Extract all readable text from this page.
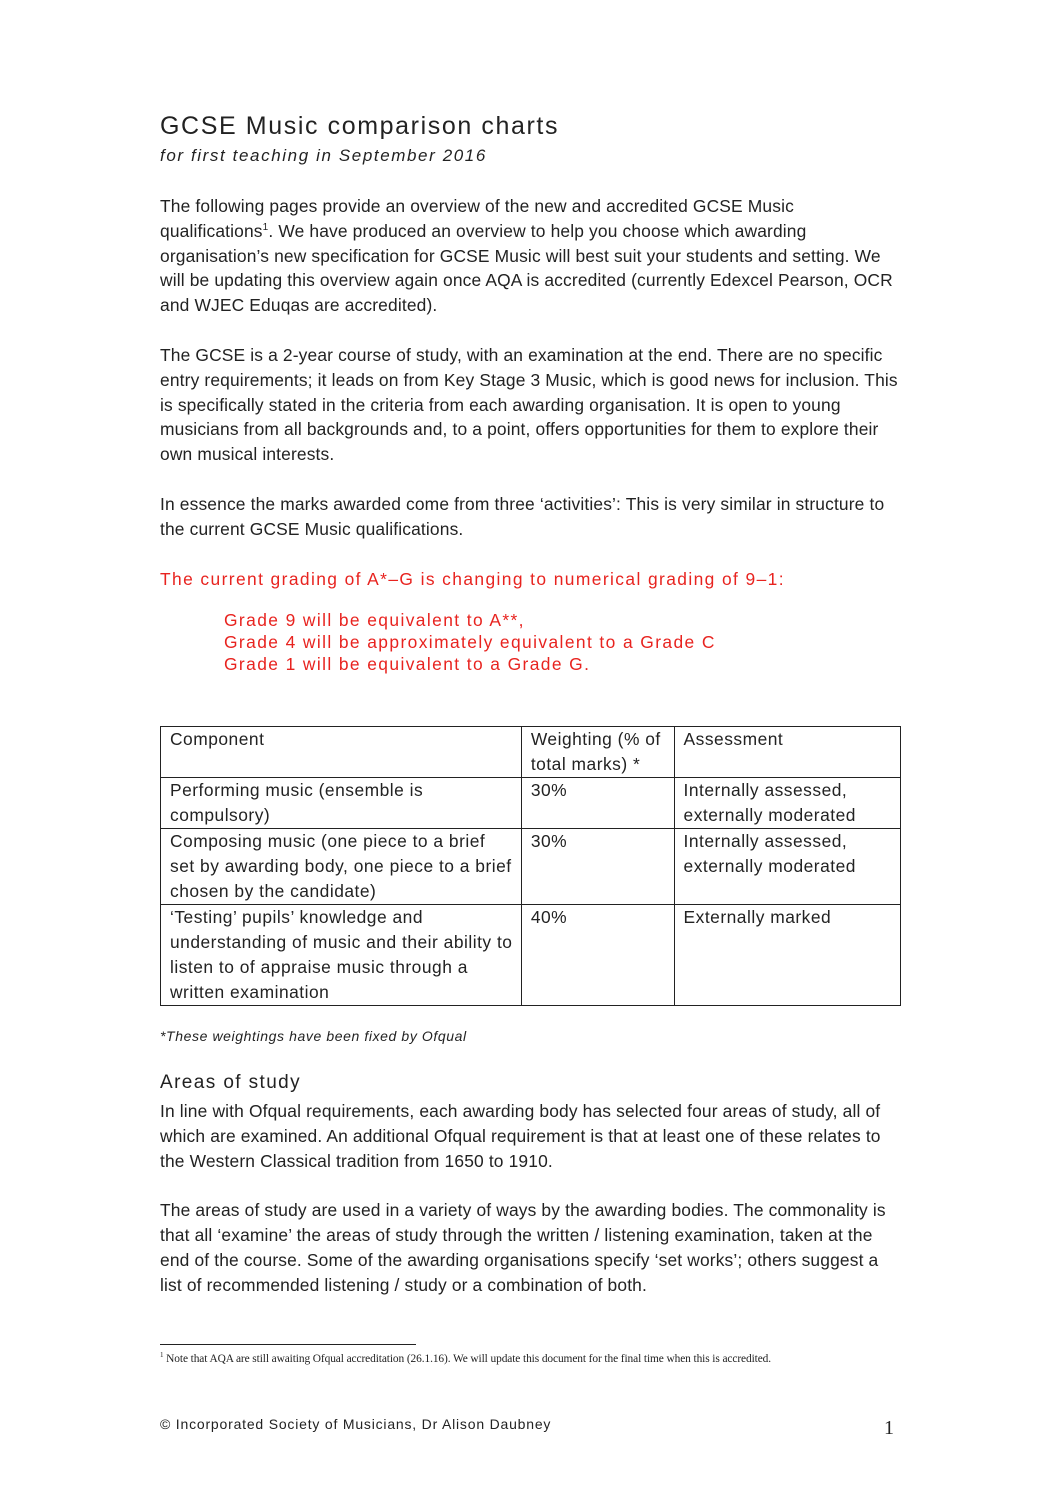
GCSE Music comparison charts
for first teaching in September 2016

The following pages provide an overview of the new and accredited GCSE Music qualifications$^1$. We have produced an overview to help you choose which awarding organisation’s new specification for GCSE Music will best suit your students and setting. We will be updating this overview again once AQA is accredited (currently Edexcel Pearson, OCR and WJEC Eduqas are accredited).

The GCSE is a 2-year course of study, with an examination at the end. There are no specific entry requirements; it leads on from Key Stage 3 Music, which is good news for inclusion. This is specifically stated in the criteria from each awarding organisation. It is open to young musicians from all backgrounds and, to a point, offers opportunities for them to explore their own musical interests.

In essence the marks awarded come from three ‘activities’: This is very similar in structure to the current GCSE Music qualifications.

The current grading of A*–G is changing to numerical grading of 9–1:
Grade 9 will be equivalent to A**,
Grade 4 will be approximately equivalent to a Grade C
Grade 1 will be equivalent to a Grade G.
Component	Weighting (% of total marks) *	Assessment
Performing music (ensemble is compulsory)	30%	Internally assessed, externally moderated
Composing music (one piece to a brief set by awarding body, one piece to a brief chosen by the candidate)	30%	Internally assessed, externally moderated
‘Testing’ pupils’ knowledge and understanding of music and their ability to listen to of appraise music through a written examination	40%	Externally marked
*These weightings have been fixed by Ofqual
Areas of study

In line with Ofqual requirements, each awarding body has selected four areas of study, all of which are examined. An additional Ofqual requirement is that at least one of these relates to the Western Classical tradition from 1650 to 1910.

The areas of study are used in a variety of ways by the awarding bodies. The commonality is that all ‘examine’ the areas of study through the written / listening examination, taken at the end of the course. Some of the awarding organisations specify ‘set works’; others suggest a list of recommended listening / study or a combination of both.

$^1$ Note that AQA are still awaiting Ofqual accreditation (26.1.16). We will update this document for the final time when this is accredited.
© Incorporated Society of Musicians, Dr Alison Daubney	1
